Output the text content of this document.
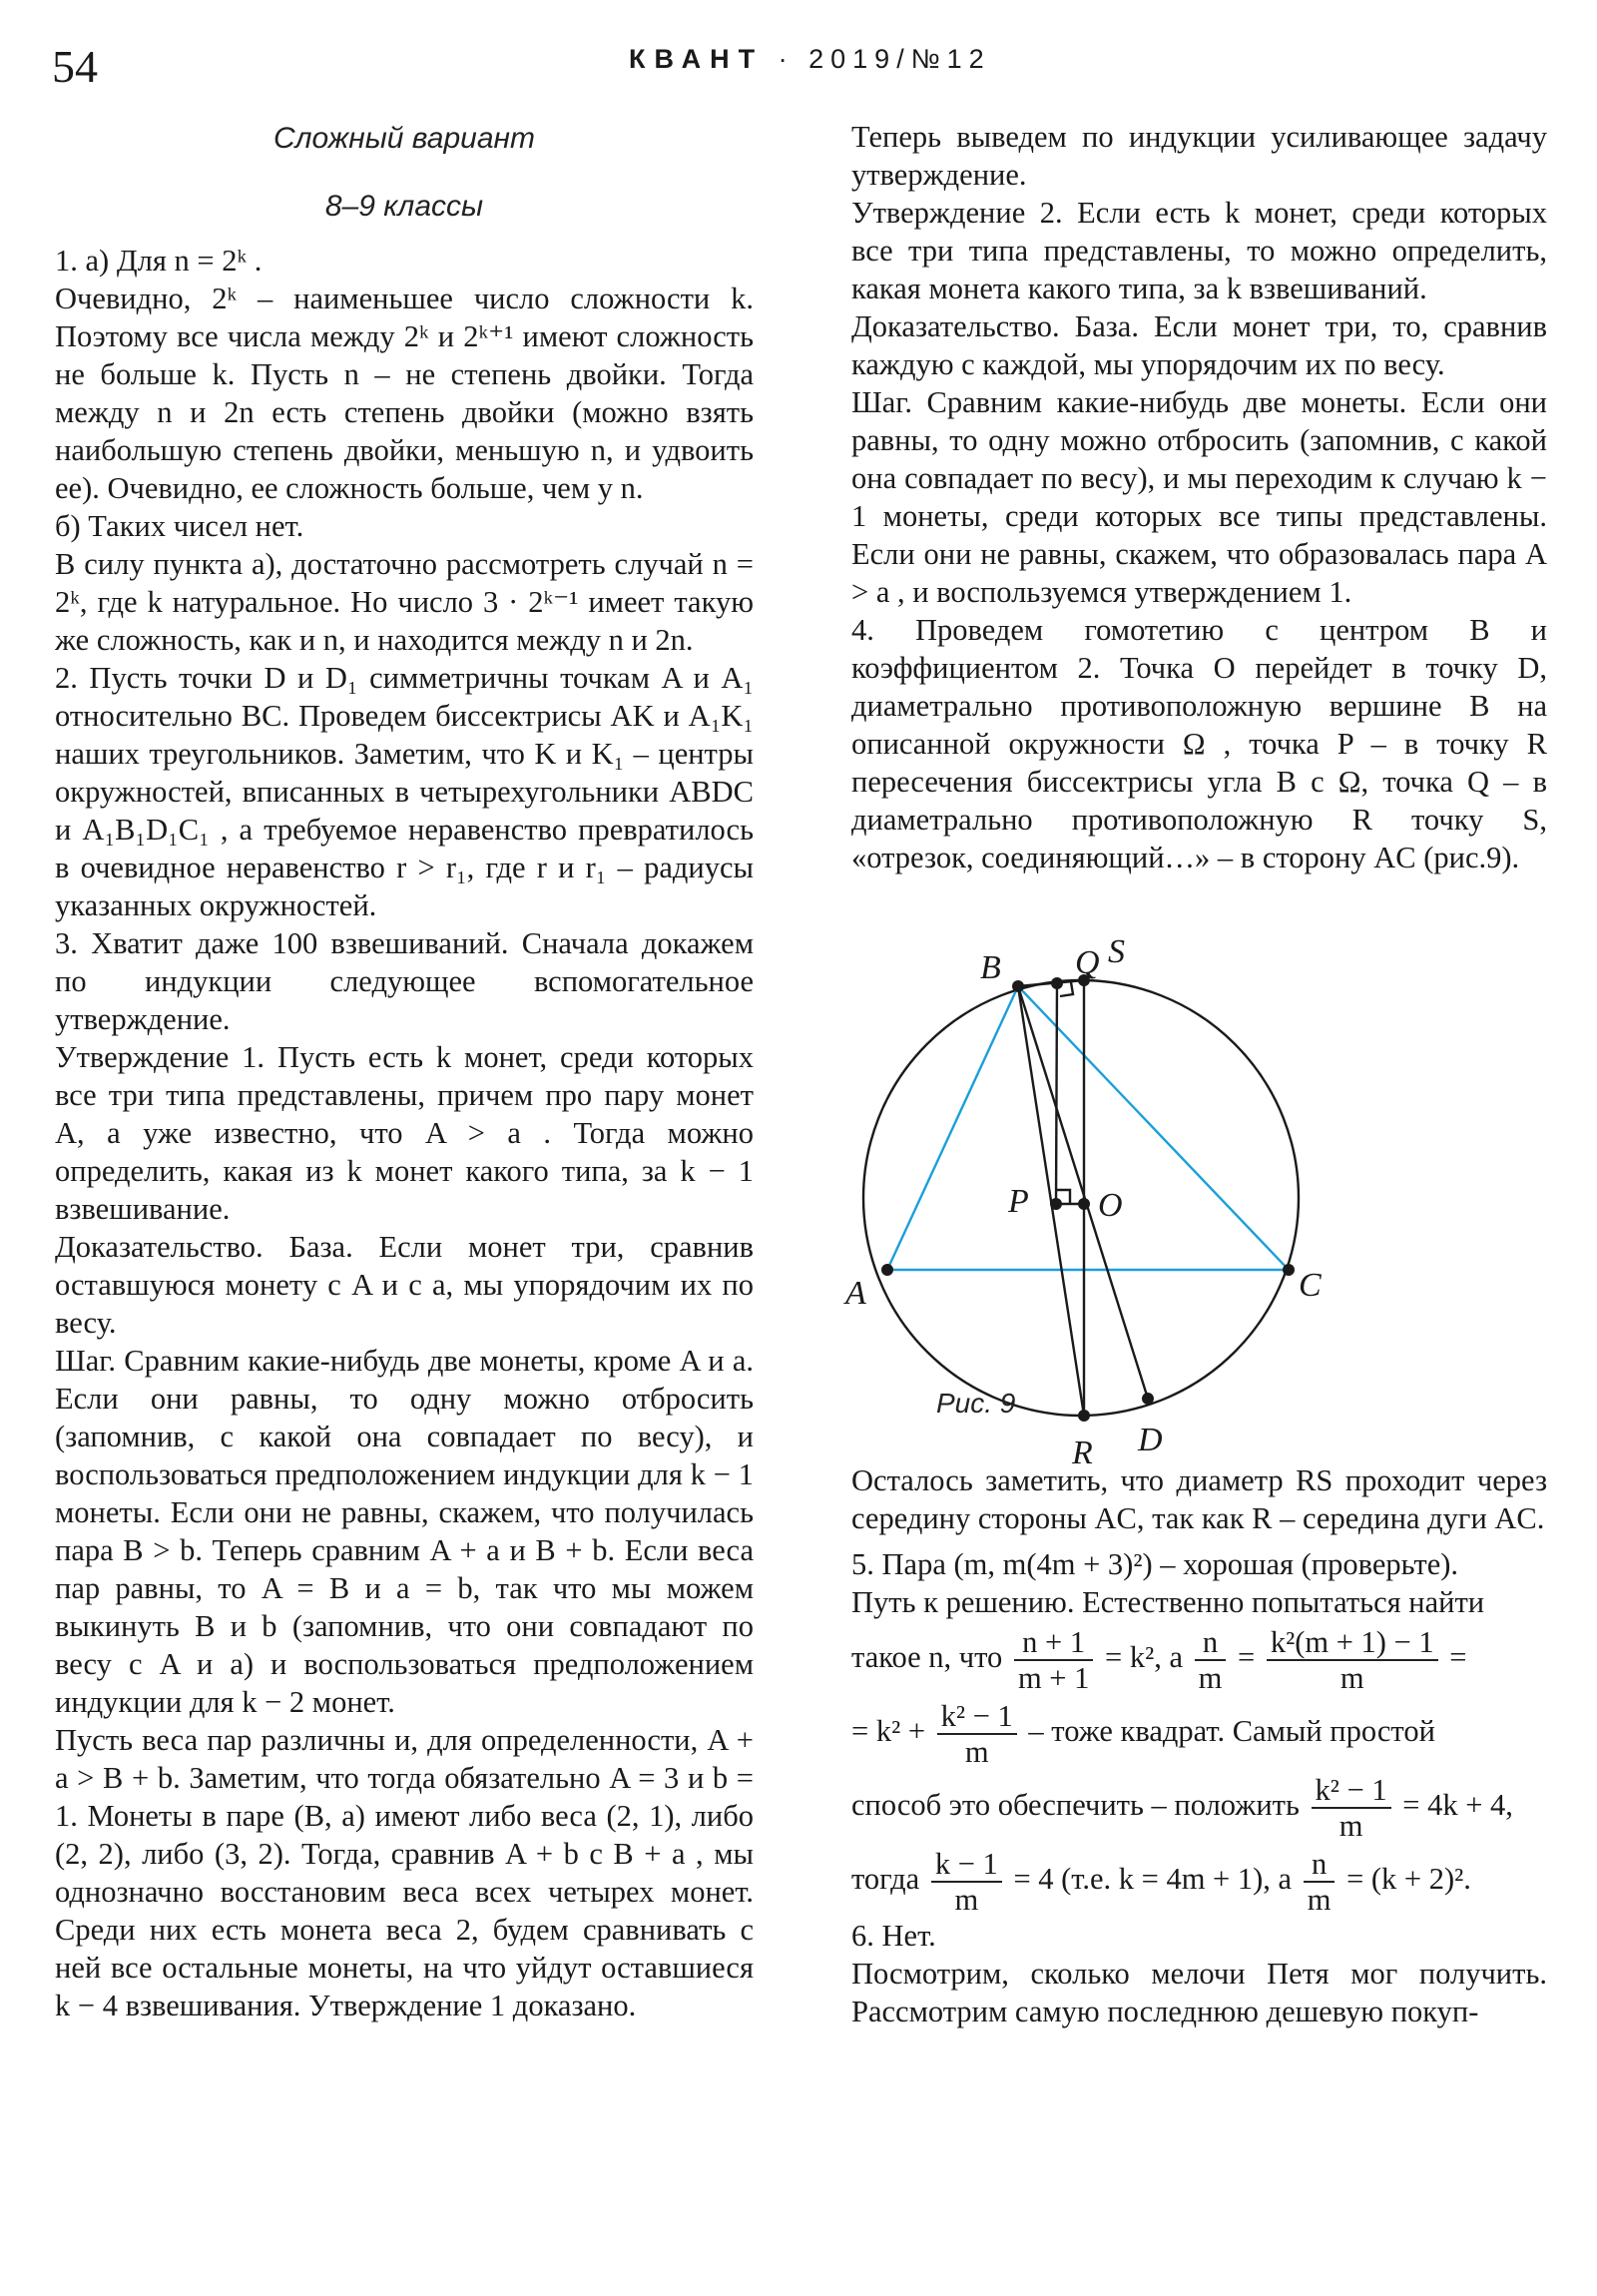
54	КВАНТ · 2019/№12

Сложный вариант

8–9 классы

1. а) Для n = 2ᵏ .

Очевидно, 2ᵏ – наименьшее число сложности k. Поэтому все числа между 2ᵏ и 2ᵏ⁺¹ имеют сложность не больше k. Пусть n – не степень двойки. Тогда между n и 2n есть степень двойки (можно взять наибольшую степень двойки, меньшую n, и удвоить ее). Очевидно, ее сложность больше, чем у n.

б) Таких чисел нет.

В силу пункта а), достаточно рассмотреть случай n = 2ᵏ, где k натуральное. Но число 3 · 2ᵏ⁻¹ имеет такую же сложность, как и n, и находится между n и 2n.

2. Пусть точки D и D₁ симметричны точкам A и A₁ относительно BC. Проведем биссектрисы AK и A₁K₁ наших треугольников. Заметим, что K и K₁ – центры окружностей, вписанных в четырехугольники ABDC и A₁B₁D₁C₁ , а требуемое неравенство превратилось в очевидное неравенство r > r₁, где r и r₁ – радиусы указанных окружностей.

3. Хватит даже 100 взвешиваний. Сначала докажем по индукции следующее вспомогательное утверждение.

Утверждение 1. Пусть есть k монет, среди которых все три типа представлены, причем про пару монет A, a уже известно, что A > a . Тогда можно определить, какая из k монет какого типа, за k − 1 взвешивание.

Доказательство. База. Если монет три, сравнив оставшуюся монету с A и с a, мы упорядочим их по весу.

Шаг. Сравним какие-нибудь две монеты, кроме A и a. Если они равны, то одну можно отбросить (запомнив, с какой она совпадает по весу), и воспользоваться предположением индукции для k − 1 монеты. Если они не равны, скажем, что получилась пара B > b. Теперь сравним A + a и B + b. Если веса пар равны, то A = B и a = b, так что мы можем выкинуть B и b (запомнив, что они совпадают по весу с A и a) и воспользоваться предположением индукции для k − 2 монет.

Пусть веса пар различны и, для определенности, A + a > B + b. Заметим, что тогда обязательно A = 3 и b = 1. Монеты в паре (B, a) имеют либо веса (2, 1), либо (2, 2), либо (3, 2). Тогда, сравнив A + b с B + a , мы однозначно восстановим веса всех четырех монет. Среди них есть монета веса 2, будем сравнивать с ней все остальные монеты, на что уйдут оставшиеся k − 4 взвешивания. Утверждение 1 доказано.

Теперь выведем по индукции усиливающее задачу утверждение.

Утверждение 2. Если есть k монет, среди которых все три типа представлены, то можно определить, какая монета какого типа, за k взвешиваний.

Доказательство. База. Если монет три, то, сравнив каждую с каждой, мы упорядочим их по весу.

Шаг. Сравним какие-нибудь две монеты. Если они равны, то одну можно отбросить (запомнив, с какой она совпадает по весу), и мы переходим к случаю k − 1 монеты, среди которых все типы представлены. Если они не равны, скажем, что образовалась пара A > a , и воспользуемся утверждением 1.

4. Проведем гомотетию с центром B и коэффициентом 2. Точка O перейдет в точку D, диаметрально противоположную вершине B на описанной окружности Ω , точка P – в точку R пересечения биссектрисы угла B с Ω, точка Q – в диаметрально противоположную R точку S, «отрезок, соединяющий…» – в сторону AC (рис.9).

B Q S
P O
A	C
R D
Рис. 9

Осталось заметить, что диаметр RS проходит через середину стороны AC, так как R – середина дуги AC.

5. Пара (m, m(4m + 3)²) – хорошая (проверьте).

Путь к решению. Естественно попытаться найти

такое n, что $\frac{n + 1}{m + 1} = k^2$, а $\frac{n}{m} = \frac{\text{k²(m + 1) − 1}}{m}$ =

= $k^2 + \frac{\text{k² − 1}}{m}$ – тоже квадрат. Самый простой

способ это обеспечить – положить $\frac{\text{k² − 1}}{m} = 4k + 4$,

тогда $\frac{k - 1}{m} = 4$ (т.е. k = 4m + 1), а $\frac{n}{m} = (k + 2)^2$.

6. Нет.

Посмотрим, сколько мелочи Петя мог получить. Рассмотрим самую последнюю дешевую покуп-
